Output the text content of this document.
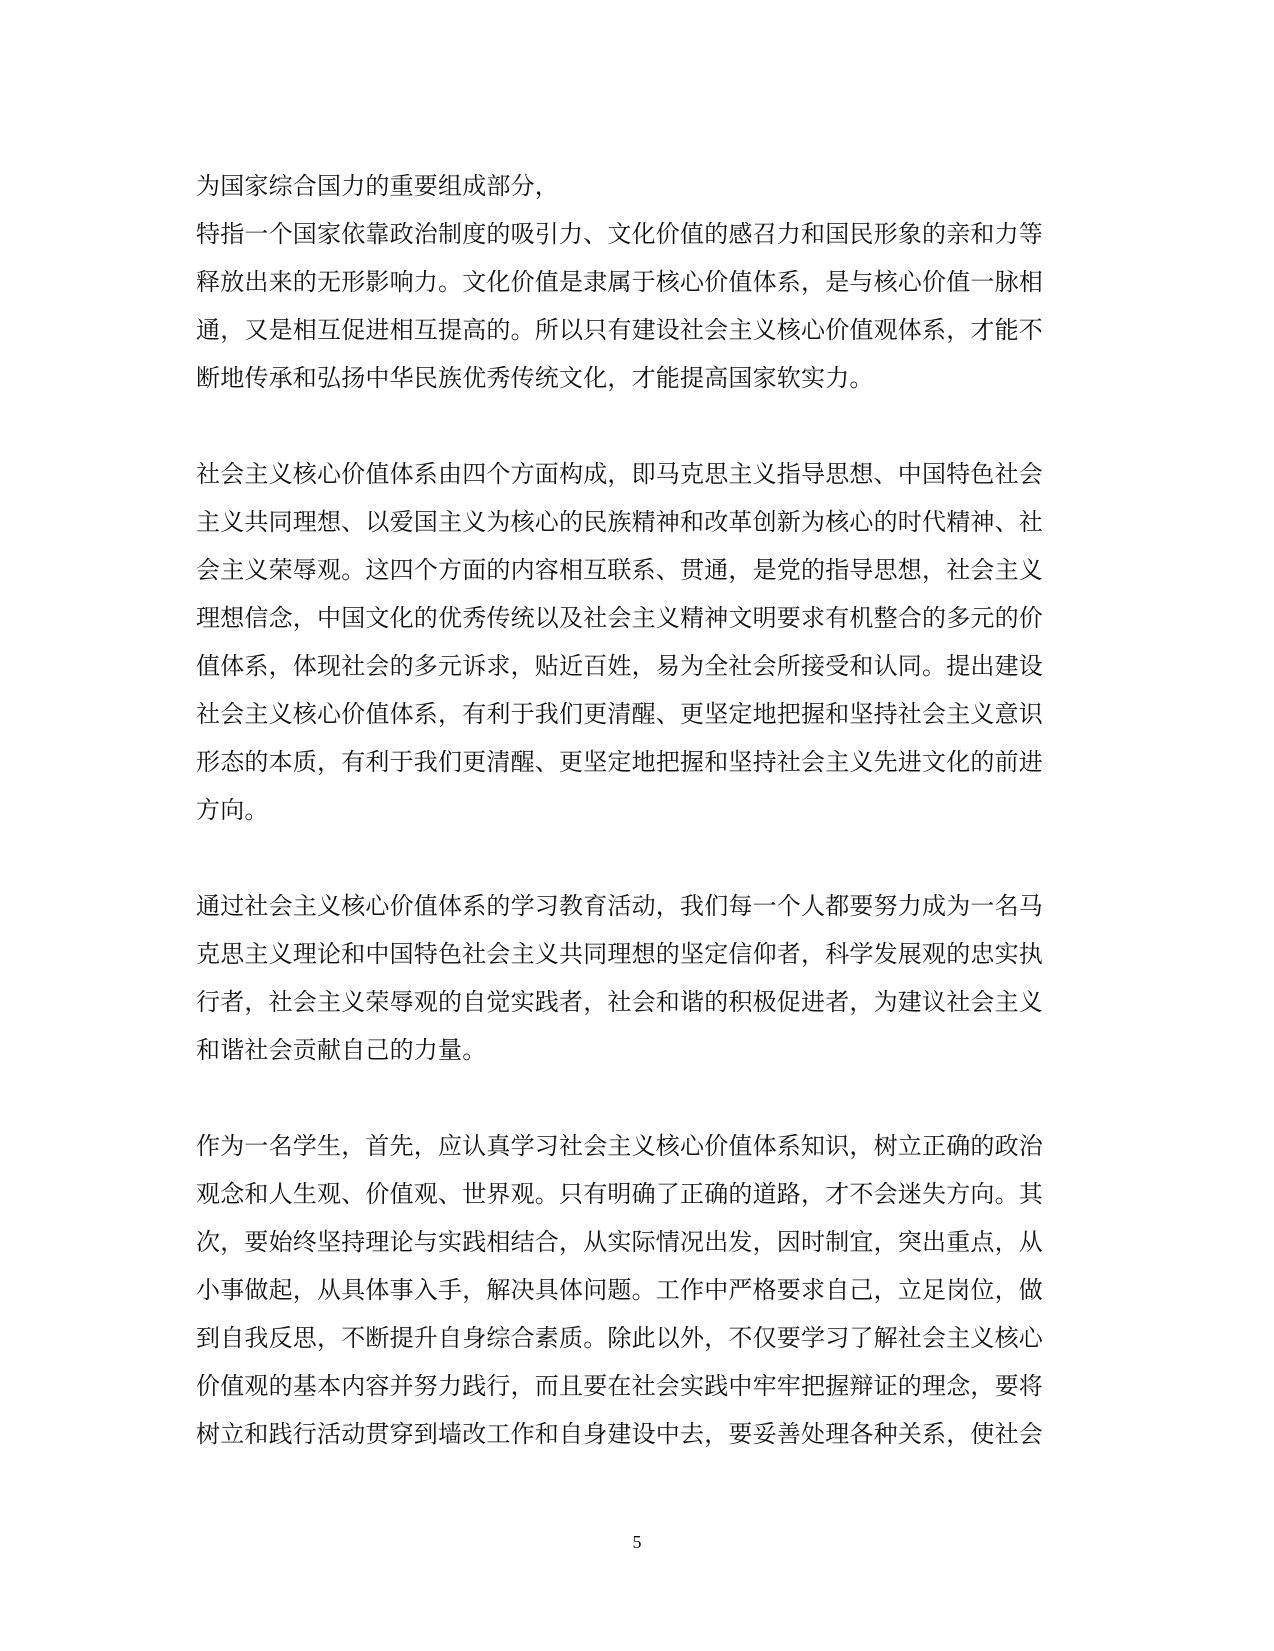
为国家综合国力的重要组成部分，
特指一个国家依靠政治制度的吸引力、文化价值的感召力和国民形象的亲和力等
释放出来的无形影响力。文化价值是隶属于核心价值体系，是与核心价值一脉相
通，又是相互促进相互提高的。所以只有建设社会主义核心价值观体系，才能不
断地传承和弘扬中华民族优秀传统文化，才能提高国家软实力。

社会主义核心价值体系由四个方面构成，即马克思主义指导思想、中国特色社会
主义共同理想、以爱国主义为核心的民族精神和改革创新为核心的时代精神、社
会主义荣辱观。这四个方面的内容相互联系、贯通，是党的指导思想，社会主义
理想信念，中国文化的优秀传统以及社会主义精神文明要求有机整合的多元的价
值体系，体现社会的多元诉求，贴近百姓，易为全社会所接受和认同。提出建设
社会主义核心价值体系，有利于我们更清醒、更坚定地把握和坚持社会主义意识
形态的本质，有利于我们更清醒、更坚定地把握和坚持社会主义先进文化的前进
方向。

通过社会主义核心价值体系的学习教育活动，我们每一个人都要努力成为一名马
克思主义理论和中国特色社会主义共同理想的坚定信仰者，科学发展观的忠实执
行者，社会主义荣辱观的自觉实践者，社会和谐的积极促进者，为建议社会主义
和谐社会贡献自己的力量。

作为一名学生，首先，应认真学习社会主义核心价值体系知识，树立正确的政治
观念和人生观、价值观、世界观。只有明确了正确的道路，才不会迷失方向。其
次，要始终坚持理论与实践相结合，从实际情况出发，因时制宜，突出重点，从
小事做起，从具体事入手，解决具体问题。工作中严格要求自己，立足岗位，做
到自我反思，不断提升自身综合素质。除此以外，不仅要学习了解社会主义核心
价值观的基本内容并努力践行，而且要在社会实践中牢牢把握辩证的理念，要将
树立和践行活动贯穿到墙改工作和自身建设中去，要妥善处理各种关系，使社会

5
